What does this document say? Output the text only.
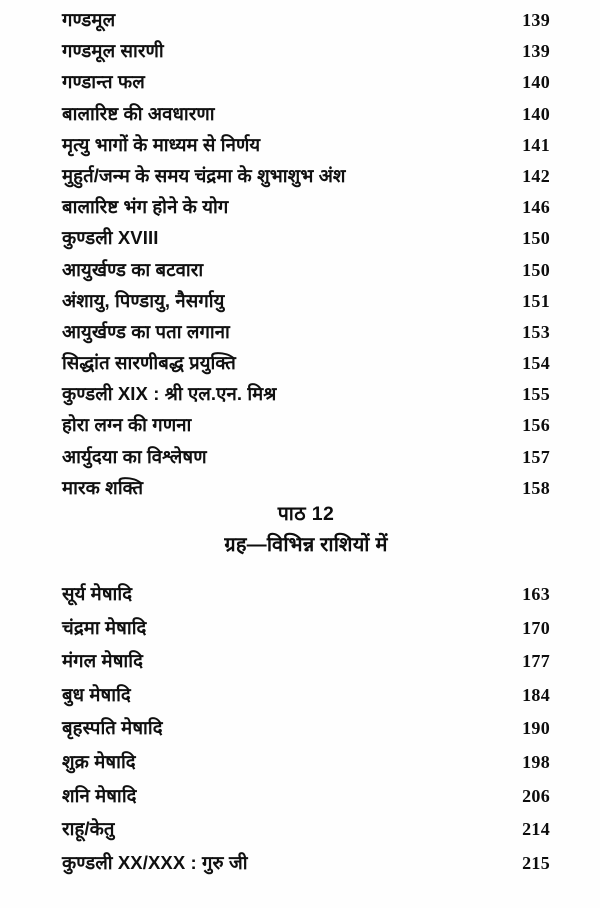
गण्डमूल	139
गण्डमूल सारणी	139
गण्डान्त फल	140
बालारिष्ट की अवधारणा	140
मृत्यु भागों के माध्यम से निर्णय	141
मुहुर्त/जन्म के समय चंद्रमा के शुभाशुभ अंश	142
बालारिष्ट भंग होने के योग	146
कुण्डली XVIII	150
आयुर्खण्ड का बटवारा	150
अंशायु, पिण्डायु, नैसर्गायु	151
आयुर्खण्ड का पता लगाना	153
सिद्धांत सारणीबद्ध प्रयुक्ति	154
कुण्डली XIX : श्री एल.एन. मिश्र	155
होरा लग्न की गणना	156
आर्युदया का विश्लेषण	157
मारक शक्ति	158
पाठ 12
ग्रह—विभिन्न राशियों में
सूर्य मेषादि	163
चंद्रमा मेषादि	170
मंगल मेषादि	177
बुध मेषादि	184
बृहस्पति मेषादि	190
शुक्र मेषादि	198
शनि मेषादि	206
राहू/केतु	214
कुण्डली XX/XXX : गुरु जी	215
